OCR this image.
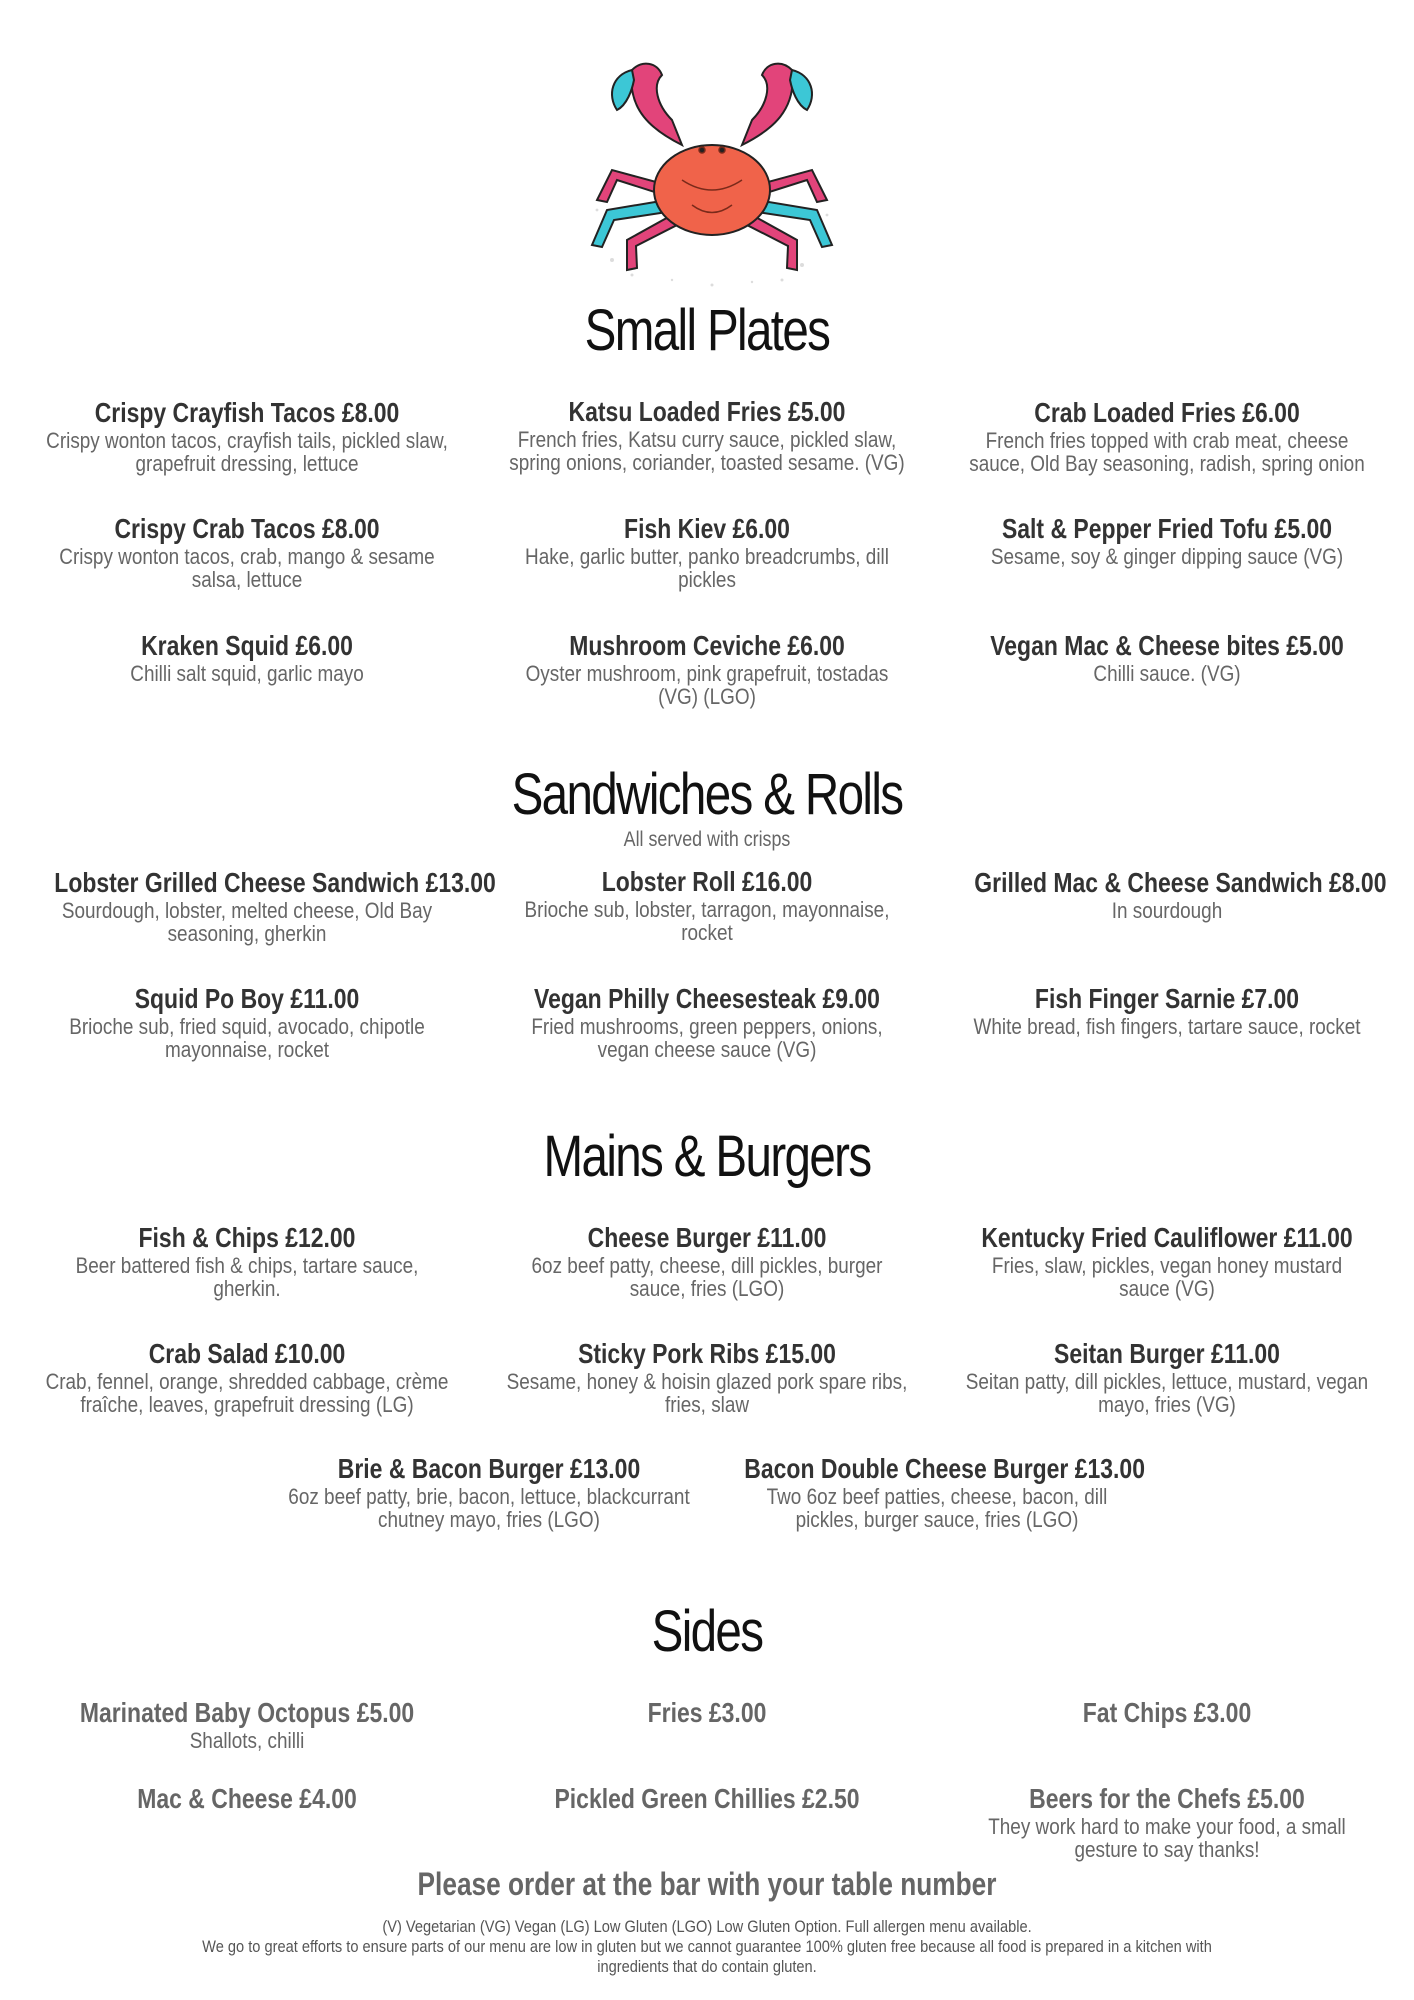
Small Plates
Crispy Crayfish Tacos £8.00
Crispy wonton tacos, crayfish tails, pickled slaw, grapefruit dressing, lettuce
Katsu Loaded Fries £5.00
French fries, Katsu curry sauce, pickled slaw, spring onions, coriander, toasted sesame. (VG)
Crab Loaded Fries £6.00
French fries topped with crab meat, cheese sauce, Old Bay seasoning, radish, spring onion
Crispy Crab Tacos £8.00
Crispy wonton tacos, crab, mango & sesame salsa, lettuce
Fish Kiev £6.00
Hake, garlic butter, panko breadcrumbs, dill pickles
Salt & Pepper Fried Tofu £5.00
Sesame, soy & ginger dipping sauce (VG)
Kraken Squid £6.00
Chilli salt squid, garlic mayo
Mushroom Ceviche £6.00
Oyster mushroom, pink grapefruit, tostadas (VG) (LGO)
Vegan Mac & Cheese bites £5.00
Chilli sauce. (VG)
Sandwiches & Rolls
All served with crisps
Lobster Grilled Cheese Sandwich £13.00
Sourdough, lobster, melted cheese, Old Bay seasoning, gherkin
Lobster Roll £16.00
Brioche sub, lobster, tarragon, mayonnaise, rocket
Grilled Mac & Cheese Sandwich £8.00
In sourdough
Squid Po Boy £11.00
Brioche sub, fried squid, avocado, chipotle mayonnaise, rocket
Vegan Philly Cheesesteak £9.00
Fried mushrooms, green peppers, onions, vegan cheese sauce (VG)
Fish Finger Sarnie £7.00
White bread, fish fingers, tartare sauce, rocket
Mains & Burgers
Fish & Chips £12.00
Beer battered fish & chips, tartare sauce, gherkin.
Cheese Burger £11.00
6oz beef patty, cheese, dill pickles, burger sauce, fries (LGO)
Kentucky Fried Cauliflower £11.00
Fries, slaw, pickles, vegan honey mustard sauce (VG)
Crab Salad £10.00
Crab, fennel, orange, shredded cabbage, crème fraîche, leaves, grapefruit dressing (LG)
Sticky Pork Ribs £15.00
Sesame, honey & hoisin glazed pork spare ribs, fries, slaw
Seitan Burger £11.00
Seitan patty, dill pickles, lettuce, mustard, vegan mayo, fries (VG)
Brie & Bacon Burger £13.00
6oz beef patty, brie, bacon, lettuce, blackcurrant chutney mayo, fries (LGO)
Bacon Double Cheese Burger £13.00
Two 6oz beef patties, cheese, bacon, dill pickles, burger sauce, fries (LGO)
Sides
Marinated Baby Octopus £5.00
Shallots, chilli
Fries £3.00	Fat Chips £3.00
Mac & Cheese £4.00	Pickled Green Chillies £2.50	Beers for the Chefs £5.00
They work hard to make your food, a small gesture to say thanks!
Please order at the bar with your table number
(V) Vegetarian (VG) Vegan (LG) Low Gluten (LGO) Low Gluten Option. Full allergen menu available.
We go to great efforts to ensure parts of our menu are low in gluten but we cannot guarantee 100% gluten free because all food is prepared in a kitchen with ingredients that do contain gluten.
